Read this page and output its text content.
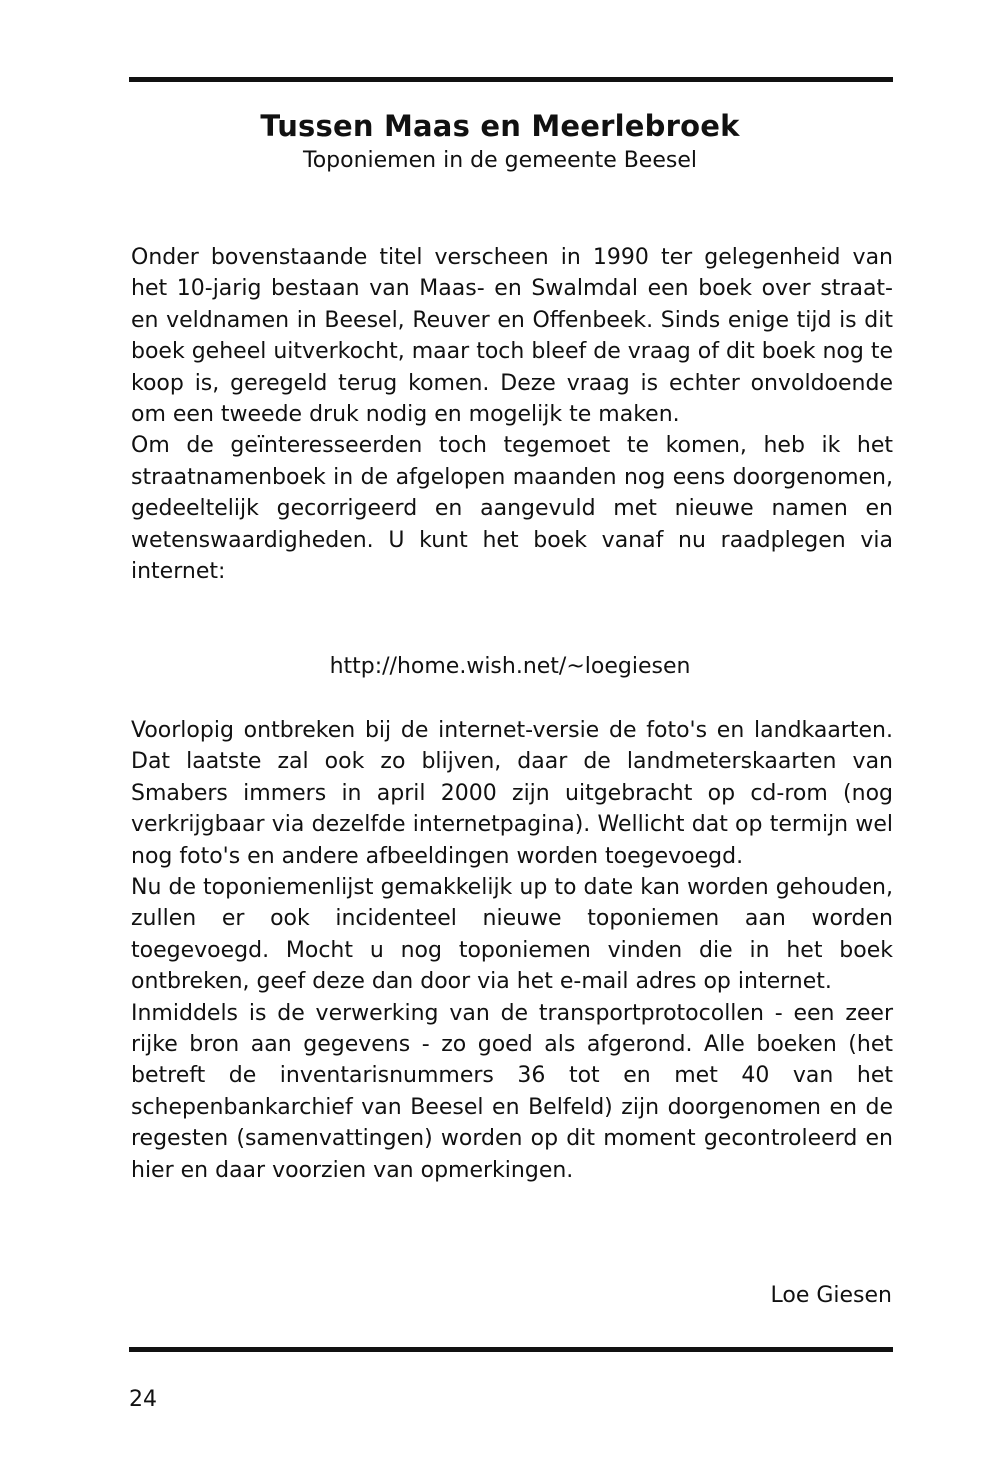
Tussen Maas en Meerlebroek
Toponiemen in de gemeente Beesel

Onder bovenstaande titel verscheen in 1990 ter gelegenheid van het 10-jarig bestaan van Maas- en Swalmdal een boek over straat- en veldnamen in Beesel, Reuver en Offenbeek. Sinds enige tijd is dit boek geheel uitverkocht, maar toch bleef de vraag of dit boek nog te koop is, geregeld terug komen. Deze vraag is echter onvoldoende om een tweede druk nodig en mogelijk te maken.

Om de geïnteresseerden toch tegemoet te komen, heb ik het straatnamenboek in de afgelopen maanden nog eens doorgenomen, gedeeltelijk gecorrigeerd en aangevuld met nieuwe namen en wetenswaardigheden. U kunt het boek vanaf nu raadplegen via internet:

http://home.wish.net/~loegiesen

Voorlopig ontbreken bij de internet-versie de foto's en landkaarten. Dat laatste zal ook zo blijven, daar de landmeterskaarten van Smabers immers in april 2000 zijn uitgebracht op cd-rom (nog verkrijgbaar via dezelfde internetpagina). Wellicht dat op termijn wel nog foto's en andere afbeeldingen worden toegevoegd.

Nu de toponiemenlijst gemakkelijk up to date kan worden gehouden, zullen er ook incidenteel nieuwe toponiemen aan worden toegevoegd. Mocht u nog toponiemen vinden die in het boek ontbreken, geef deze dan door via het e-mail adres op internet.

Inmiddels is de verwerking van de transportprotocollen - een zeer rijke bron aan gegevens - zo goed als afgerond. Alle boeken (het betreft de inventarisnummers 36 tot en met 40 van het schepenbankarchief van Beesel en Belfeld) zijn doorgenomen en de regesten (samenvattingen) worden op dit moment gecontroleerd en hier en daar voorzien van opmerkingen.

Loe Giesen
24
